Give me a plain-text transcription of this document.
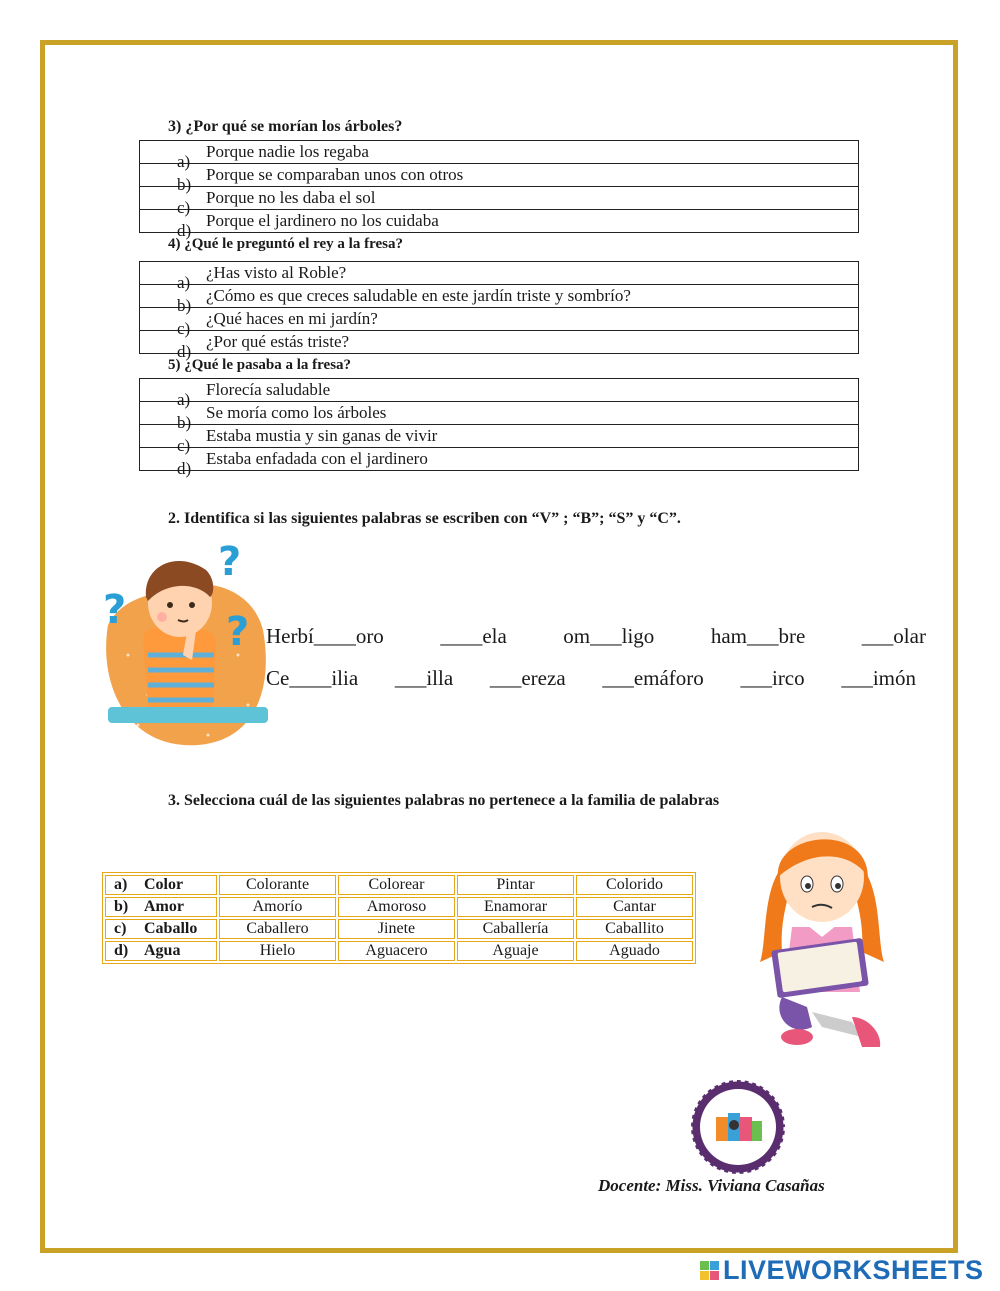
3) ¿Por qué se morían los árboles?
a)
Porque nadie los regaba

b)
Porque se comparaban unos con otros

c)
Porque no les daba el sol

d)
Porque el jardinero no los cuidaba
4) ¿Qué le preguntó el rey a la fresa?
a)
¿Has visto al Roble?

b)
¿Cómo es que creces saludable en este jardín triste y sombrío?

c)
¿Qué haces en mi jardín?

d)
¿Por qué estás triste?
5) ¿Qué le pasaba a la fresa?
a)
Florecía saludable

b)
Se moría como los árboles

c)
Estaba mustia y sin ganas de vivir

d)
Estaba enfadada con el jardinero
2. Identifica si las siguientes palabras se escriben con “V” ; “B”; “S” y “C”.
?
? ? Herbí____oro	____ela	om___ligo	ham___bre	___olar
Ce____ilia ___illa ___ereza ___emáforo ___irco ___imón
3. Selecciona cuál de las siguientes palabras no pertenece a la familia de palabras
a) Color	Colorante	Colorear	Pintar	Colorido
b) Amor	Amorío	Amoroso	Enamorar	Cantar
c) Caballo	Caballero	Jinete	Caballería	Caballito
d) Agua	Hielo	Aguacero	Aguaje	Aguado
Docente: Miss. Viviana Casañas
LIVEWORKSHEETS
